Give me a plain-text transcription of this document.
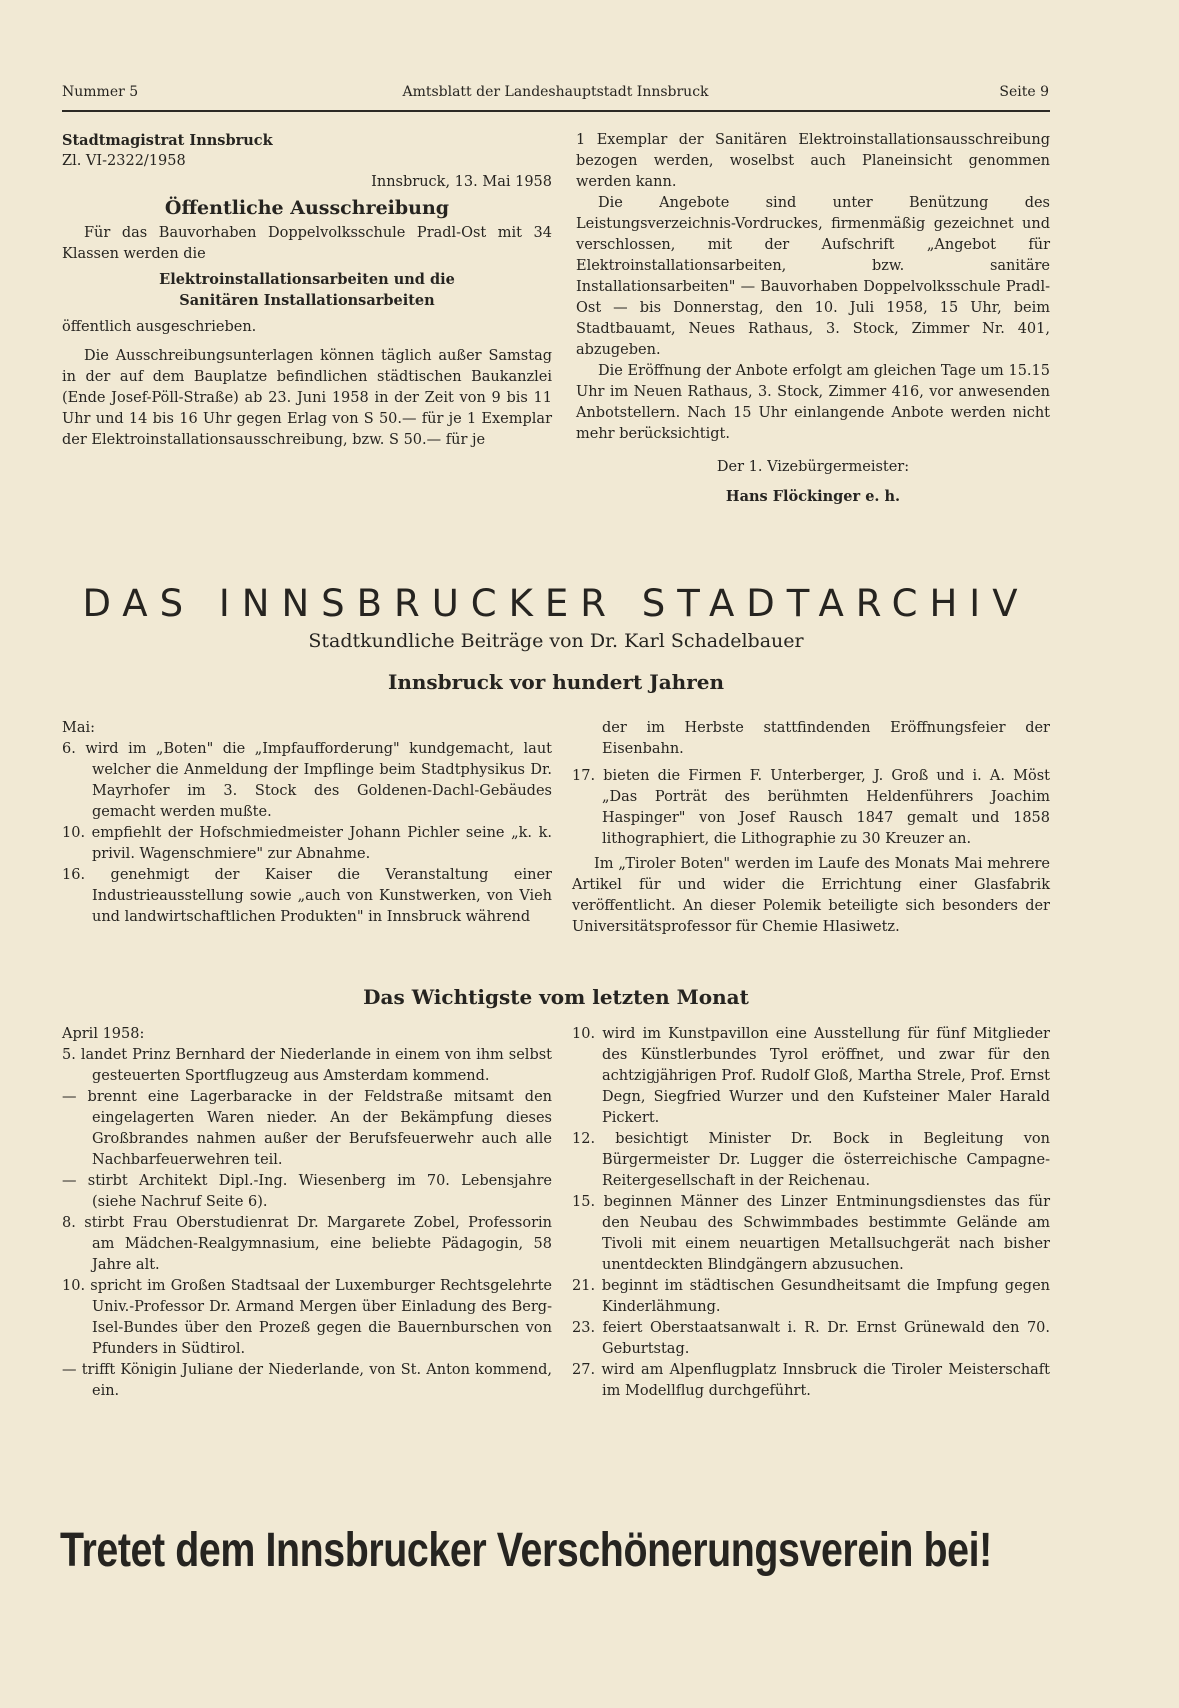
Nummer 5	Amtsblatt der Landeshauptstadt Innsbruck	Seite 9

Stadtmagistrat Innsbruck

Zl. VI-2322/1958

Innsbruck, 13. Mai 1958

Öffentliche Ausschreibung

Für das Bauvorhaben Doppelvolksschule Pradl-Ost mit 34 Klassen werden die

Elektroinstallationsarbeiten und die

Sanitären Installationsarbeiten

öffentlich ausgeschrieben.

Die Ausschreibungsunterlagen können täglich außer Samstag in der auf dem Bauplatze befindlichen städtischen Baukanzlei (Ende Josef-Pöll-Straße) ab 23. Juni 1958 in der Zeit von 9 bis 11 Uhr und 14 bis 16 Uhr gegen Erlag von S 50.— für je 1 Exemplar der Elektroinstallationsausschreibung, bzw. S 50.— für je

1 Exemplar der Sanitären Elektroinstallationsausschreibung bezogen werden, woselbst auch Planeinsicht genommen werden kann.

Die Angebote sind unter Benützung des Leistungsverzeichnis-Vordruckes, firmenmäßig gezeichnet und verschlossen, mit der Aufschrift „Angebot für Elektroinstallationsarbeiten, bzw. sanitäre Installationsarbeiten" — Bauvorhaben Doppelvolksschule Pradl-Ost — bis Donnerstag, den 10. Juli 1958, 15 Uhr, beim Stadtbauamt, Neues Rathaus, 3. Stock, Zimmer Nr. 401, abzugeben.

Die Eröffnung der Anbote erfolgt am gleichen Tage um 15.15 Uhr im Neuen Rathaus, 3. Stock, Zimmer 416, vor anwesenden Anbotstellern. Nach 15 Uhr einlangende Anbote werden nicht mehr berücksichtigt.

Der 1. Vizebürgermeister:

Hans Flöckinger e. h.

DAS INNSBRUCKER STADTARCHIV
Stadtkundliche Beiträge von Dr. Karl Schadelbauer
Innsbruck vor hundert Jahren

Mai:

6. wird im „Boten" die „Impfaufforderung" kundgemacht, laut welcher die Anmeldung der Impflinge beim Stadtphysikus Dr. Mayrhofer im 3. Stock des Goldenen-Dachl-Gebäudes gemacht werden mußte.

10. empfiehlt der Hofschmiedmeister Johann Pichler seine „k. k. privil. Wagenschmiere" zur Abnahme.

16. genehmigt der Kaiser die Veranstaltung einer Industrieausstellung sowie „auch von Kunstwerken, von Vieh und landwirtschaftlichen Produkten" in Innsbruck während

der im Herbste stattfindenden Eröffnungsfeier der Eisenbahn.

17. bieten die Firmen F. Unterberger, J. Groß und i. A. Möst „Das Porträt des berühmten Heldenführers Joachim Haspinger" von Josef Rausch 1847 gemalt und 1858 lithographiert, die Lithographie zu 30 Kreuzer an.

Im „Tiroler Boten" werden im Laufe des Monats Mai mehrere Artikel für und wider die Errichtung einer Glasfabrik veröffentlicht. An dieser Polemik beteiligte sich besonders der Universitätsprofessor für Chemie Hlasiwetz.

Das Wichtigste vom letzten Monat

April 1958:

5. landet Prinz Bernhard der Niederlande in einem von ihm selbst gesteuerten Sportflugzeug aus Amsterdam kommend.

— brennt eine Lagerbaracke in der Feldstraße mitsamt den eingelagerten Waren nieder. An der Bekämpfung dieses Großbrandes nahmen außer der Berufsfeuerwehr auch alle Nachbarfeuerwehren teil.

— stirbt Architekt Dipl.-Ing. Wiesenberg im 70. Lebensjahre (siehe Nachruf Seite 6).

8. stirbt Frau Oberstudienrat Dr. Margarete Zobel, Professorin am Mädchen-Realgymnasium, eine beliebte Pädagogin, 58 Jahre alt.

10. spricht im Großen Stadtsaal der Luxemburger Rechtsgelehrte Univ.-Professor Dr. Armand Mergen über Einladung des Berg-Isel-Bundes über den Prozeß gegen die Bauernburschen von Pfunders in Südtirol.

— trifft Königin Juliane der Niederlande, von St. Anton kommend, ein.

10. wird im Kunstpavillon eine Ausstellung für fünf Mitglieder des Künstlerbundes Tyrol eröffnet, und zwar für den achtzigjährigen Prof. Rudolf Gloß, Martha Strele, Prof. Ernst Degn, Siegfried Wurzer und den Kufsteiner Maler Harald Pickert.

12. besichtigt Minister Dr. Bock in Begleitung von Bürgermeister Dr. Lugger die österreichische Campagne-Reitergesellschaft in der Reichenau.

15. beginnen Männer des Linzer Entminungsdienstes das für den Neubau des Schwimmbades bestimmte Gelände am Tivoli mit einem neuartigen Metallsuchgerät nach bisher unentdeckten Blindgängern abzusuchen.

21. beginnt im städtischen Gesundheitsamt die Impfung gegen Kinderlähmung.

23. feiert Oberstaatsanwalt i. R. Dr. Ernst Grünewald den 70. Geburtstag.

27. wird am Alpenflugplatz Innsbruck die Tiroler Meisterschaft im Modellflug durchgeführt.

Tretet dem Innsbrucker Verschönerungsverein bei!
